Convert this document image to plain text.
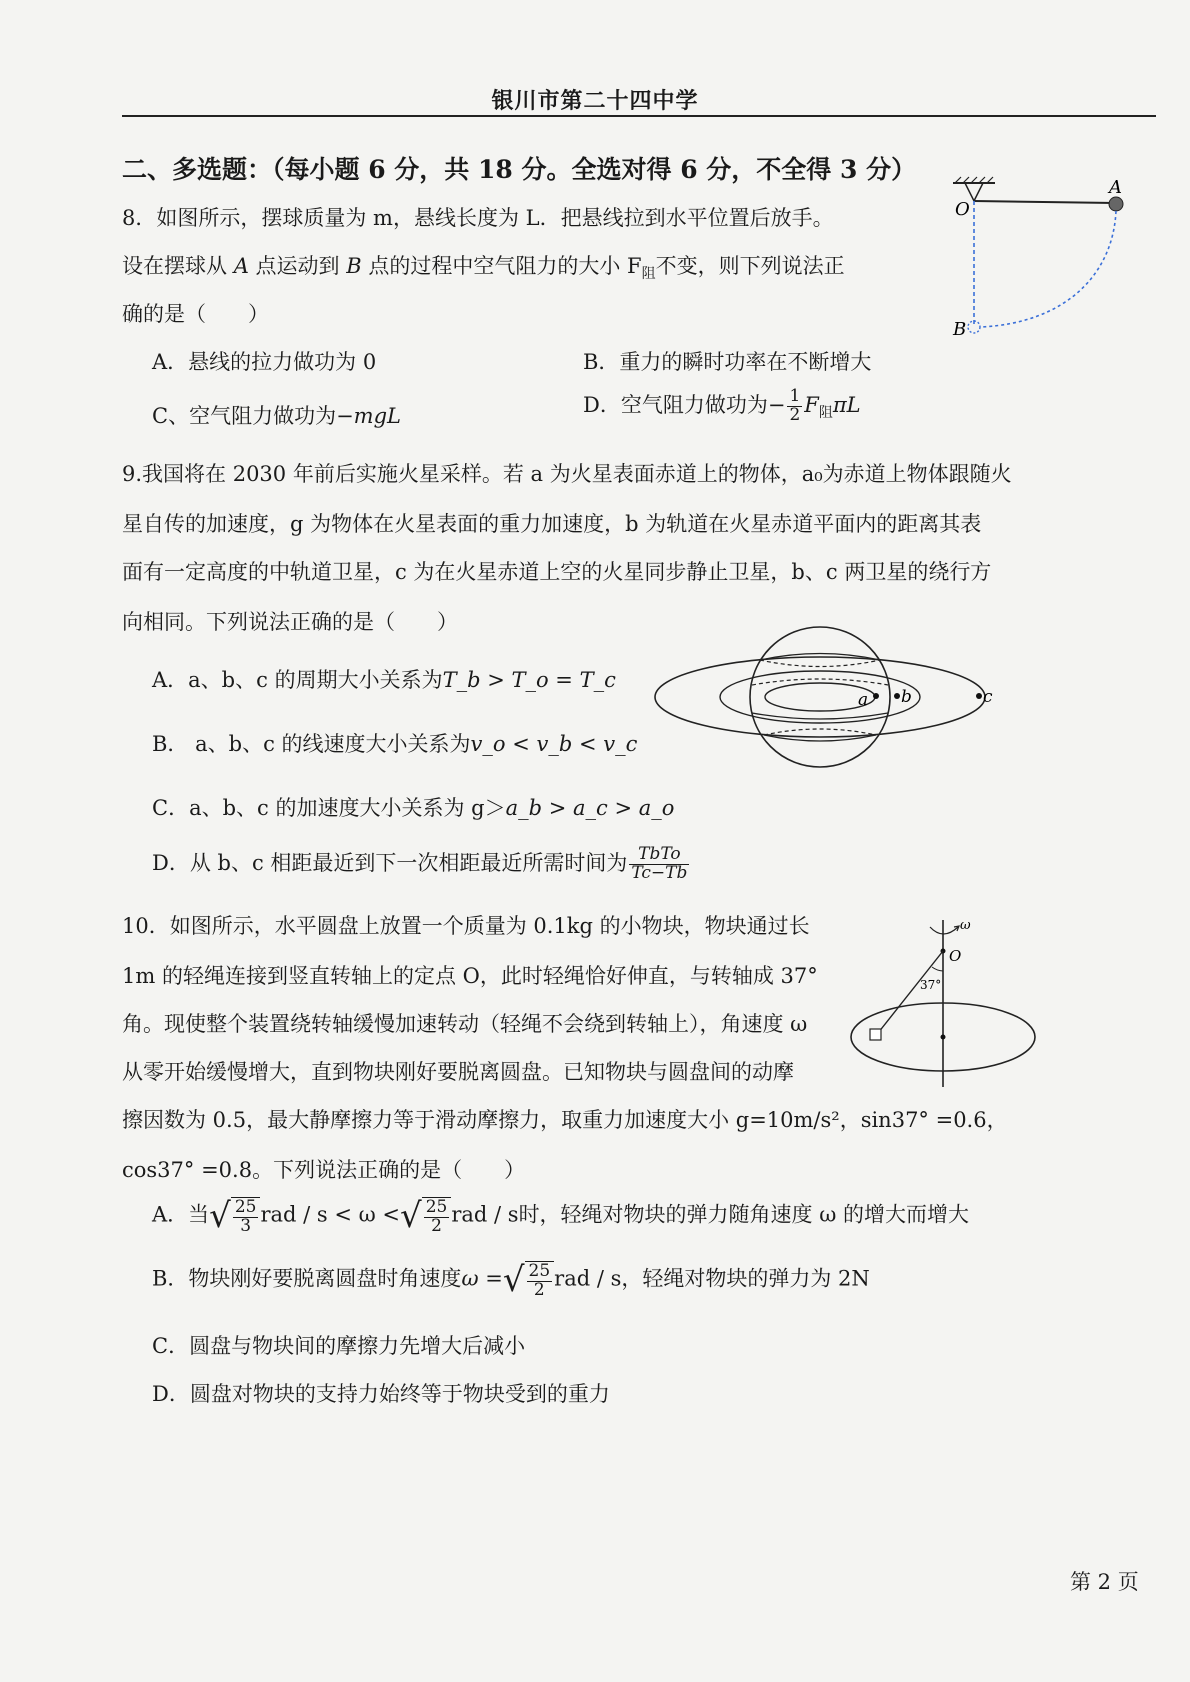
银川市第二十四中学
二、多选题：（每小题 6 分，共 18 分。全选对得 6 分，不全得 3 分）
8．如图所示，摆球质量为 m，悬线长度为 L．把悬线拉到水平位置后放手。
设在摆球从 A 点运动到 B 点的过程中空气阻力的大小 $F_阻$不变，则下列说法正
确的是（　　）
A．悬线的拉力做功为 0	B．重力的瞬时功率在不断增大
C、空气阻力做功为−mgL	D．空气阻力做功为− $\frac{1}{2} F_阻\pi L$
O
A
B
9.我国将在 2030 年前后实施火星采样。若 a 为火星表面赤道上的物体，a₀为赤道上物体跟随火
星自传的加速度，g 为物体在火星表面的重力加速度，b 为轨道在火星赤道平面内的距离其表
面有一定高度的中轨道卫星，c 为在火星赤道上空的火星同步静止卫星，b、c 两卫星的绕行方
向相同。下列说法正确的是（　　）
A．a、b、c 的周期大小关系为T_b > T_o = T_c
B． a、b、c 的线速度大小关系为v_o < v_b < v_c
C．a、b、c 的加速度大小关系为 g＞a_b > a_c > a_o
D．从 b、c 相距最近到下一次相距最近所需时间为 $\frac{\text{TbTo}}{Tc-Tb}$
a b	c
10．如图所示，水平圆盘上放置一个质量为 0.1kg 的小物块，物块通过长
1m 的轻绳连接到竖直转轴上的定点 O，此时轻绳恰好伸直，与转轴成 37°
角。现使整个装置绕转轴缓慢加速转动（轻绳不会绕到转轴上），角速度 ω
从零开始缓慢增大，直到物块刚好要脱离圆盘。已知物块与圆盘间的动摩
擦因数为 0.5，最大静摩擦力等于滑动摩擦力，取重力加速度大小 g=10m/s²，sin37° =0.6，
cos37° =0.8。下列说法正确的是（　　）
A．当√ $\frac{25}{3}$ rad / s < ω <√ $\frac{25}{2}$ rad / s时，轻绳对物块的弹力随角速度 ω 的增大而增大
B．物块刚好要脱离圆盘时角速度ω =√ $\frac{25}{2}$ rad / s，轻绳对物块的弹力为 2N
C．圆盘与物块间的摩擦力先增大后减小
D．圆盘对物块的支持力始终等于物块受到的重力
ω
O
37°
第 2 页
